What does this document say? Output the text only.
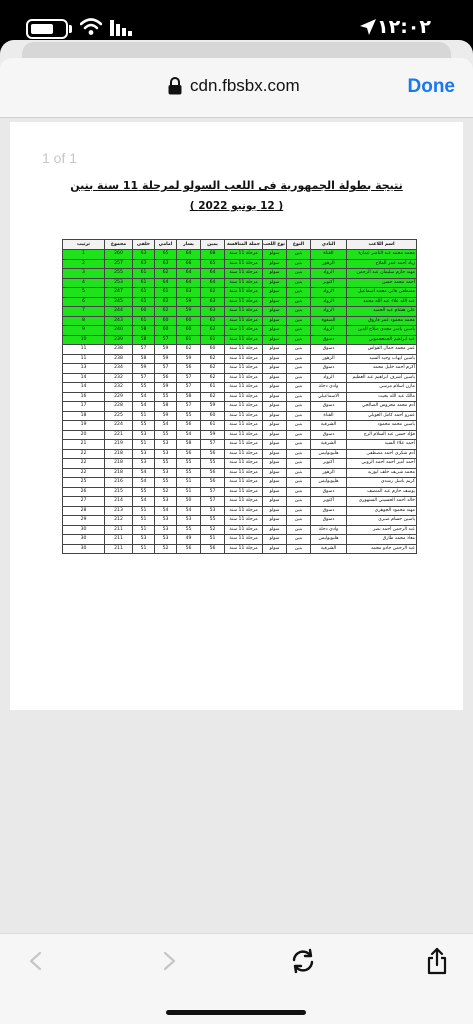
١٢:٠٢
cdn.fbsbx.com	Done
1 of 1
نتيجة بطولة الجمهورية فى اللعب السولو لمرحلة 11 سنة بنين
( 12 يونيو 2022 )
اسم اللاعب	النادي	النوع	نوع اللعب	جملة المنافسة	يمين	يسار	امامي	خلفي	مجموع	ترتيب
محمد محمد عبد الناصر عمارة	القناة	بنين	سولو	مرحلة 11 سنة	68	64	65	63	260	1
زياد أحمد عمر الملاح	الزهور	بنين	سولو	مرحلة 11 سنة	65	66	63	63	257	2
مهند حازم سليمان عبد الرحمن	الرواد	بنين	سولو	مرحلة 11 سنة	64	64	62	61	255	3
أحمد محمد حسن	أكتوبر	بنين	سولو	مرحلة 11 سنة	64	64	64	61	253	4
مصطفى هاني محمد اسماعيل	الرواد	بنين	سولو	مرحلة 11 سنة	62	63	61	61	247	5
عبد الله علاء عبد الله محمد	الرواد	بنين	سولو	مرحلة 11 سنة	63	59	62	61	245	6
علي هشام عبد الحميد	الرواد	بنين	سولو	مرحلة 11 سنة	63	59	62	60	244	7
محمد محمود عمر فاروق	الصفوة	بنين	سولو	مرحلة 11 سنة	62	60	60	61	243	8
ياسين ياسر مجدي صلاح الدين	الرواد	بنين	سولو	مرحلة 11 سنة	62	60	60	58	240	9
عبد ابراهيم الجمعجموني	دسوق	بنين	سولو	مرحلة 11 سنة	61	61	57	58	239	10
عمر محمد جمال القواس	دسوق	بنين	سولو	مرحلة 11 سنة	60	62	59	57	238	11
ياسين ايهاب وحيد السيد	الزهور	بنين	سولو	مرحلة 11 سنة	62	59	59	58	238	11
أكرم أحمد خليل محمد	دسوق	بنين	سولو	مرحلة 11 سنة	62	56	57	59	234	13
ياسين أشرف ابراهيم عبد العظيم	الرواد	بنين	سولو	مرحلة 11 سنة	62	57	56	57	232	14
مازن اسلام مرسي	وادي دجلة	بنين	سولو	مرحلة 11 سنة	61	57	59	55	232	14
مالك عبد الله بخيت	الاسماعيلي	بنين	سولو	مرحلة 11 سنة	62	58	55	54	229	16
آدم محمد محروس الصالحي	دسوق	بنين	سولو	مرحلة 11 سنة	59	57	58	54	228	17
عمرو أحمد كامل العويلي	القناة	بنين	سولو	مرحلة 11 سنة	60	55	59	51	225	18
ياسين محمد محمود	الشرقية	بنين	سولو	مرحلة 11 سنة	61	56	54	55	224	19
فؤاد حسن عبد السلام الزج	دسوق	بنين	سولو	مرحلة 11 سنة	59	54	55	53	221	20
أحمد علاء السيد	الشرقية	بنين	سولو	مرحلة 11 سنة	57	58	53	51	219	21
آدم شكري أحمد مصطفى	هليوبوليس	بنين	سولو	مرحلة 11 سنة	56	56	53	53	218	22
أحمد أمير أحمد أحمد الروبي	أكتوبر	بنين	سولو	مرحلة 11 سنة	55	55	55	53	218	22
محمد شريف خلف ابوزيد	الزهور	بنين	سولو	مرحلة 11 سنة	56	55	53	54	218	22
كريم باسل رشدي	هليوبوليس	بنين	سولو	مرحلة 11 سنة	56	51	55	54	216	25
يوسف حازم عبد المنصف	دسوق	بنين	سولو	مرحلة 11 سنة	57	51	52	55	215	26
خالد أحمد الحسيني السنهوري	أكتوبر	بنين	سولو	مرحلة 11 سنة	57	50	53	54	214	27
مهند محمود الجوهري	دسوق	بنين	سولو	مرحلة 11 سنة	53	54	54	51	213	28
ياسين حسام صبري	دسوق	بنين	سولو	مرحلة 11 سنة	55	53	53	51	212	29
عبد الرحمن أحمد نصر	وادي دجلة	بنين	سولو	مرحلة 11 سنة	52	55	53	51	211	30
معاذ محمد طارق	هليوبوليس	بنين	سولو	مرحلة 11 سنة	51	49	53	53	211	30
عبد الرحمن جادو محمد	الشرقية	بنين	سولو	مرحلة 11 سنة	56	56	52	51	211	30
